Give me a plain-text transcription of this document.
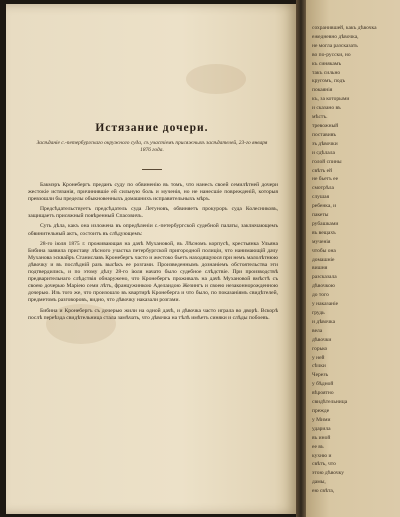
Истязание дочери.
Засѣданіе с.-петербургскаго окружного суда, съ участіемъ присяжныхъ засѣдателей, 23-го января 1876 года.

Бакмэръ Кронебергъ преданъ суду по обвиненію въ томъ, что нанесъ своей семилѣтней дочери жестокіе истязанія, причинившіе ей сильную боль и мученія, но не нанесшіе поврежденій, которыя превзошли бы пределы обыкновенныхъ домашнихъ исправительныхъ мѣръ.

Предсѣдательствуетъ предсѣдатель суда Летуновъ, обвиняетъ прокуроръ суда Колесниковъ, защищаетъ присяжный повѣренный Спасовичъ.

Суть дѣла, какъ она изложена въ опредѣленіи с.-петербургской судебной палаты, заключающемъ обвинительный актъ, состоитъ въ слѣдующемъ:

28-го іюля 1875 г. проживающая на дачѣ Мухановой, въ Лѣсномъ корпусѣ, крестьянка Ульяна Бибина заявила приставу лѣсного участка петербургской пригородной полиціи, что нанимающій дачу Муханова эсквайръ Станиславъ Кронебергъ часто и жестоко бьетъ находящуюся при немъ малолѣтнюю дѣвочку и въ послѣдній разъ высѣкъ ее розгами. Произведеннымъ дознаніемъ обстоятельства эти подтвердились, и по этому дѣлу 28-го іюля начато было судебное слѣдствіе. При производствѣ предварительнаго слѣдствія обнаружено, что Кронебергъ проживалъ на дачѣ Мухановой вмѣстѣ съ своею дочерью Маріею семи лѣтъ, францужинкою Аделаидою Жезингъ и своею незаконнорожденною дочерью. Изъ того же, что произошло въ квартирѣ Кронеберга и что было, по показаніямъ свидѣтелей, предметомъ разговоровъ, видно, что дѣвочку наказали розгами.

Бибина и Кронебергъ съ дочерью жили на одной дачѣ, и дѣвочка часто играла во дворѣ. Вскорѣ послѣ переѣзда свидѣтельница стала замѣчать, что дѣвочка на тѣлѣ имѣетъ синяки и слѣды побоевъ.

сохранившей, какъ дѣвочка
ежедневно дѣвочка,
не могла разсказать
во по-русски, но
къ синякамъ
такъ сильно
кругомъ, подъ
покаянія
къ, за которыми
и сказано въ
мѣстъ.
тревожный
поставивъ
зъ дѣвочки
и сдѣлала
голой спины
свѣтъ ей
не бьетъ ее
смотрѣла
слушая
ребенка, и
пакеты
рубашками
въ вещахъ
мученія
чтобы она
домашніе
вишня
разсказала
дѣвочкою
до того
у наказаніе
грудь
и дѣвочка
вела
дѣвочки
горько
у ней
сѣчки
Черезъ
у бѣдной
вѣроятно
свидѣтельница
прежде
у Мими
ударила
въ иной
ее въ
кухню и
свѣтъ, что
этою дѣвочку
дамы,
ею свѣта,
